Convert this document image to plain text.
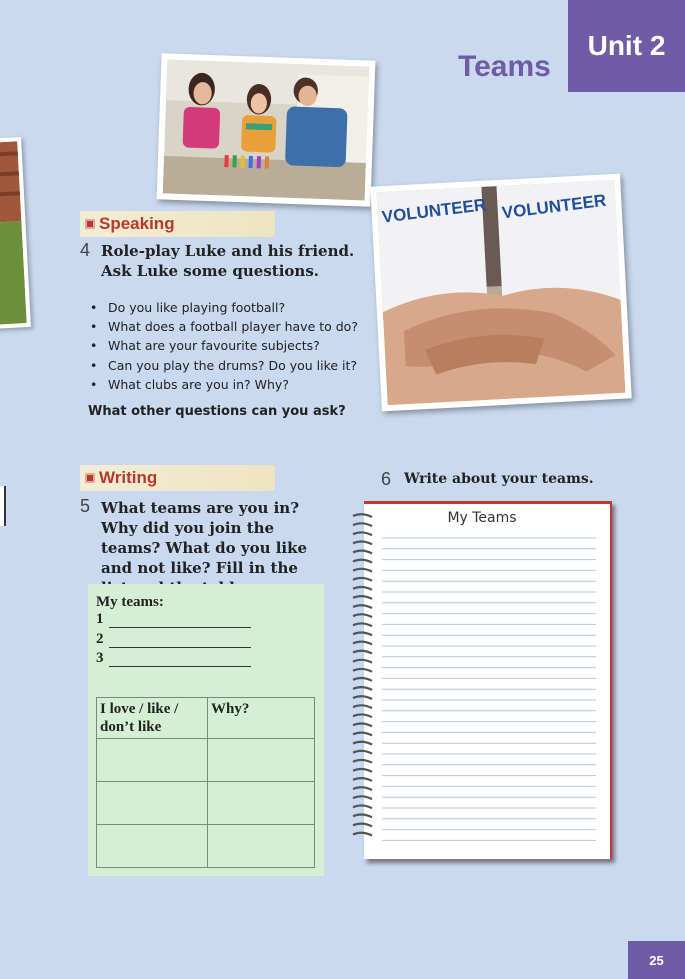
Unit 2
Teams
VOLUNTEER VOLUNTEER
Speaking
4 Role-play Luke and his friend. Ask Luke some questions.
• Do you like playing football?
• What does a football player have to do?
• What are your favourite subjects?
• Can you play the drums? Do you like it?
• What clubs are you in? Why?
What other questions can you ask?
Writing
5 What teams are you in? Why did you join the teams? What do you like and not like? Fill in the
My teams:
1
2
3
I love / like / don’t like	Why?

6 Write about your teams.
My Teams
25
